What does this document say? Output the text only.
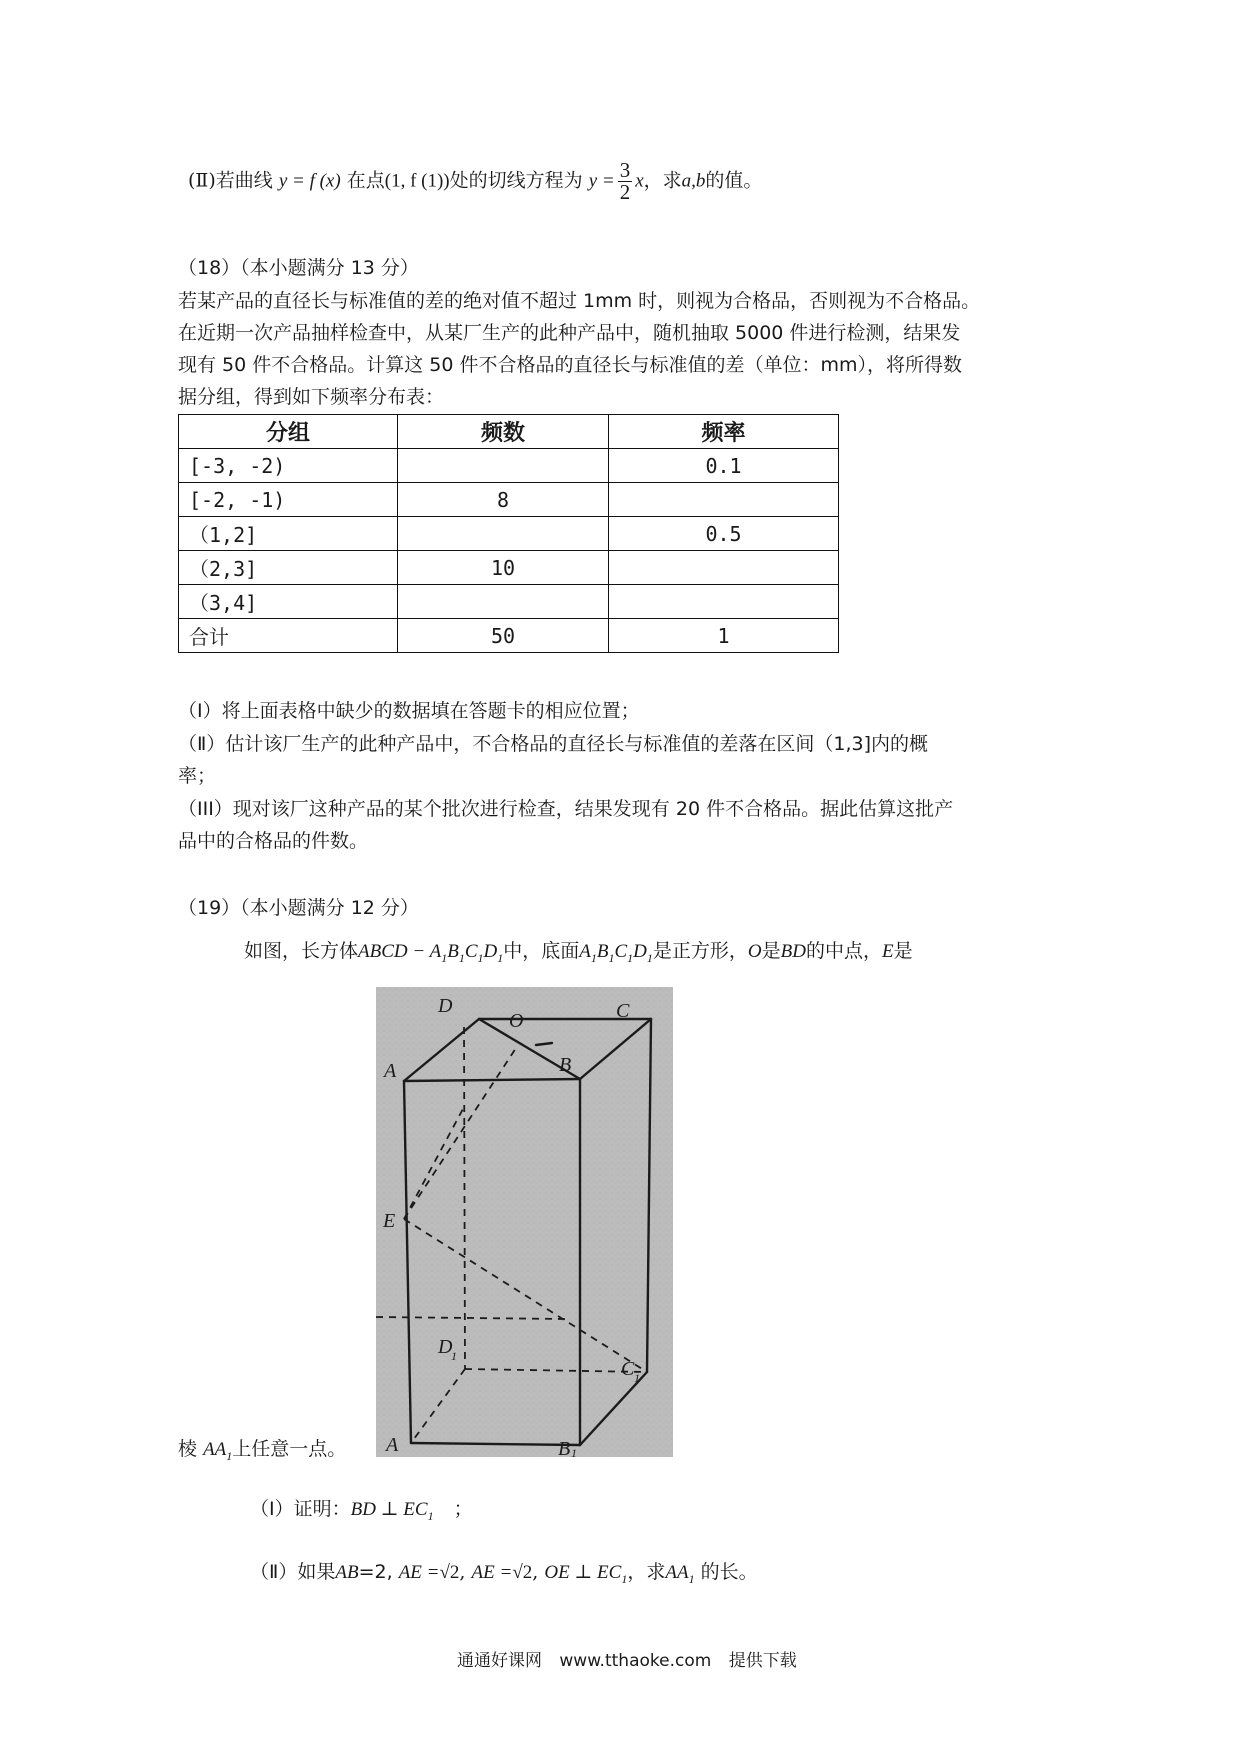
(Ⅱ)若曲线 y = f (x) 在点(1, f (1))处的切线方程为 $y = \frac{3}{2}$ x，求a,b的值。
（18）（本小题满分 13 分）
若某产品的直径长与标准值的差的绝对值不超过 1mm 时，则视为合格品，否则视为不合格品。
在近期一次产品抽样检查中，从某厂生产的此种产品中，随机抽取 5000 件进行检测，结果发
现有 50 件不合格品。计算这 50 件不合格品的直径长与标准值的差（单位：mm），将所得数
据分组，得到如下频率分布表：
分组	频数	频率
[-3, -2)		0.1
[-2, -1)	8	
（1,2]		0.5
（2,3]	10	
（3,4]		
合计	50	1
（Ⅰ）将上面表格中缺少的数据填在答题卡的相应位置；
（Ⅱ）估计该厂生产的此种产品中，不合格品的直径长与标准值的差落在区间（1,3]内的概
率；
（III）现对该厂这种产品的某个批次进行检查，结果发现有 20 件不合格品。据此估算这批产
品中的合格品的件数。
（19）（本小题满分 12 分）
如图，长方体ABCD − $A_1B_1C_1D_1$中，底面$A_1B_1C_1D_1$是正方形，O是BD的中点，E是
D	C
A	B
O
E
D
1
C 1
A	B 1
棱 $AA_1$上任意一点。
（Ⅰ）证明：BD ⊥ $EC_1$ ；
（Ⅱ）如果AB=2, AE =√2, AE =√2, OE ⊥ $EC_1$，求$AA_1$ 的长。
通通好课网 www.tthaoke.com 提供下载
